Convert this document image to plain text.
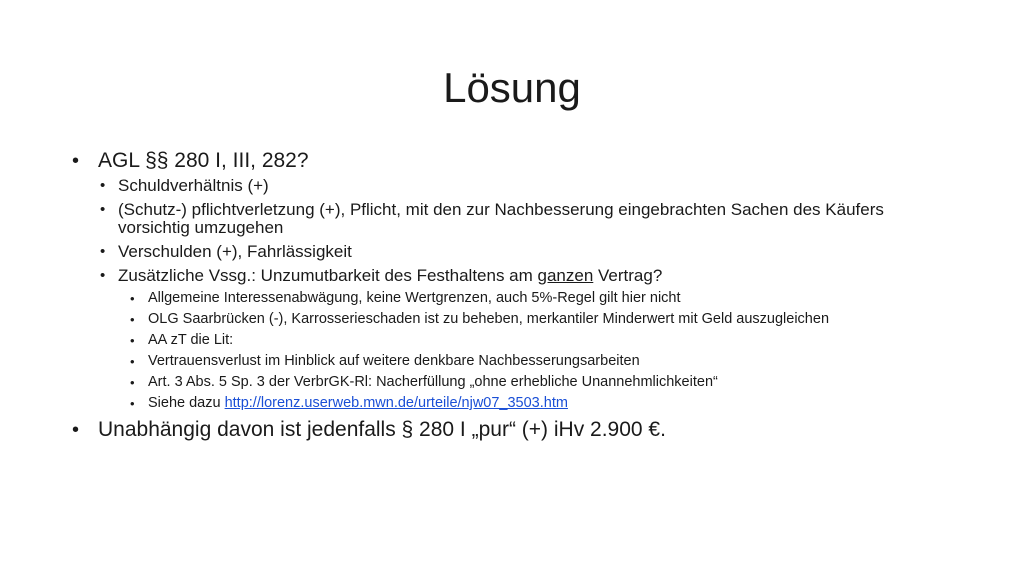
Lösung
• AGL §§ 280 I, III, 282?
• Schuldverhältnis (+)
• (Schutz-) pflichtverletzung (+), Pflicht, mit den zur Nachbesserung eingebrachten Sachen des Käufers vorsichtig umzugehen
• Verschulden (+), Fahrlässigkeit
• Zusätzliche Vssg.: Unzumutbarkeit des Festhaltens am ganzen Vertrag?
• Allgemeine Interessenabwägung, keine Wertgrenzen, auch 5%-Regel gilt hier nicht
• OLG Saarbrücken (-), Karrosserieschaden ist zu beheben, merkantiler Minderwert mit Geld auszugleichen
• AA zT die Lit:
• Vertrauensverlust im Hinblick auf weitere denkbare Nachbesserungsarbeiten
• Art. 3 Abs. 5 Sp. 3 der VerbrGK-Rl: Nacherfüllung „ohne erhebliche Unannehmlichkeiten“
• Siehe dazu http://lorenz.userweb.mwn.de/urteile/njw07_3503.htm
• Unabhängig davon ist jedenfalls § 280 I „pur“ (+) iHv 2.900 €.
